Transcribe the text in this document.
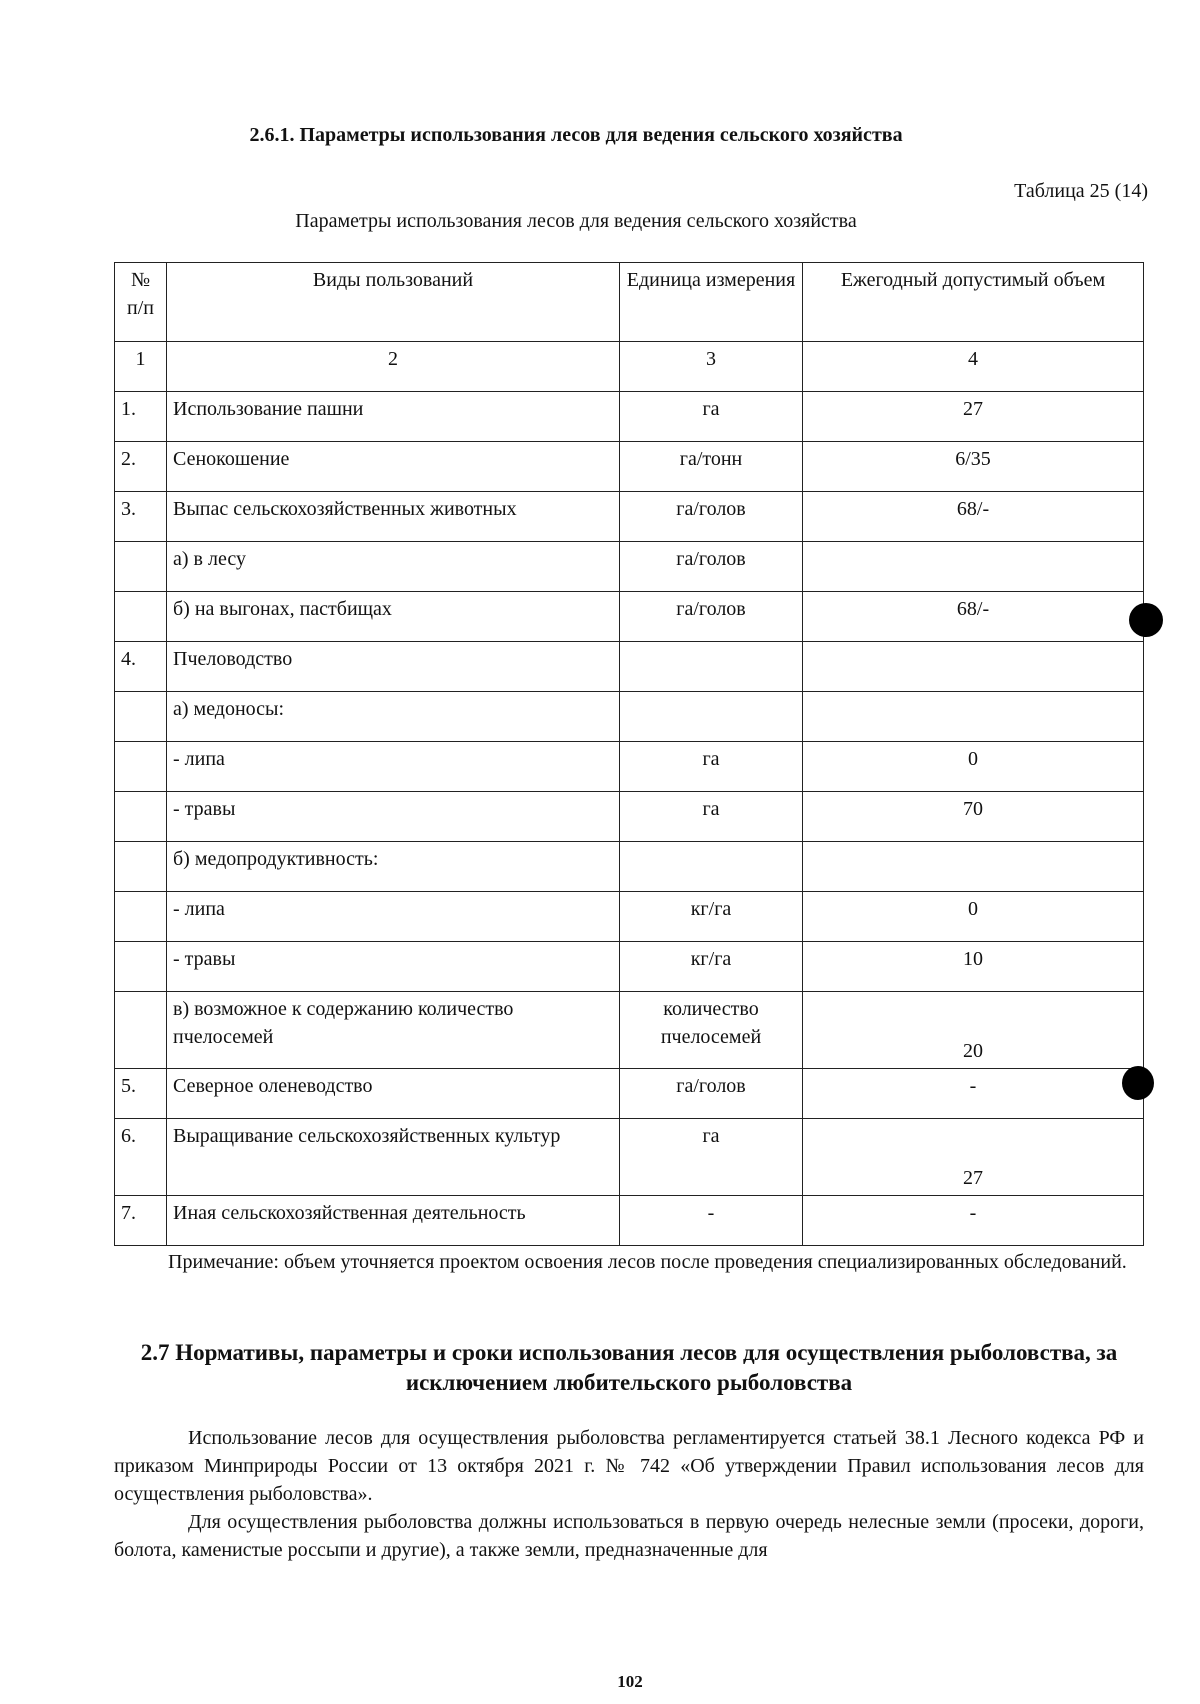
2.6.1. Параметры использования лесов для ведения сельского хозяйства
Таблица 25 (14)
Параметры использования лесов для ведения сельского хозяйства
№ п/п	Виды пользований	Единица измерения	Ежегодный допустимый объем
1	2	3	4
1.	Использование пашни	га	27
2.	Сенокошение	га/тонн	6/35
3.	Выпас сельскохозяйственных животных	га/голов	68/-
	а) в лесу	га/голов	
	б) на выгонах, пастбищах	га/голов	68/-
4.	Пчеловодство		
	а) медоносы:		
	- липа	га	0
	- травы	га	70
	б) медопродуктивность:		
	- липа	кг/га	0
	- травы	кг/га	10
	в) возможное к содержанию количество пчелосемей	количество пчелосемей	20
5.	Северное оленеводство	га/голов	-
6.	Выращивание сельскохозяйственных культур	га	27
7.	Иная сельскохозяйственная деятельность	-	-
Примечание: объем уточняется проектом освоения лесов после проведения специализированных обследований.
2.7 Нормативы, параметры и сроки использования лесов для осуществления рыболовства, за исключением любительского рыболовства
Использование лесов для осуществления рыболовства регламентируется статьей 38.1 Лесного кодекса РФ и приказом Минприроды России от 13 октября 2021 г. № 742 «Об утверждении Правил использования лесов для осуществления рыболовства».
Для осуществления рыболовства должны использоваться в первую очередь нелесные земли (просеки, дороги, болота, каменистые россыпи и другие), а также земли, предназначенные для
102
